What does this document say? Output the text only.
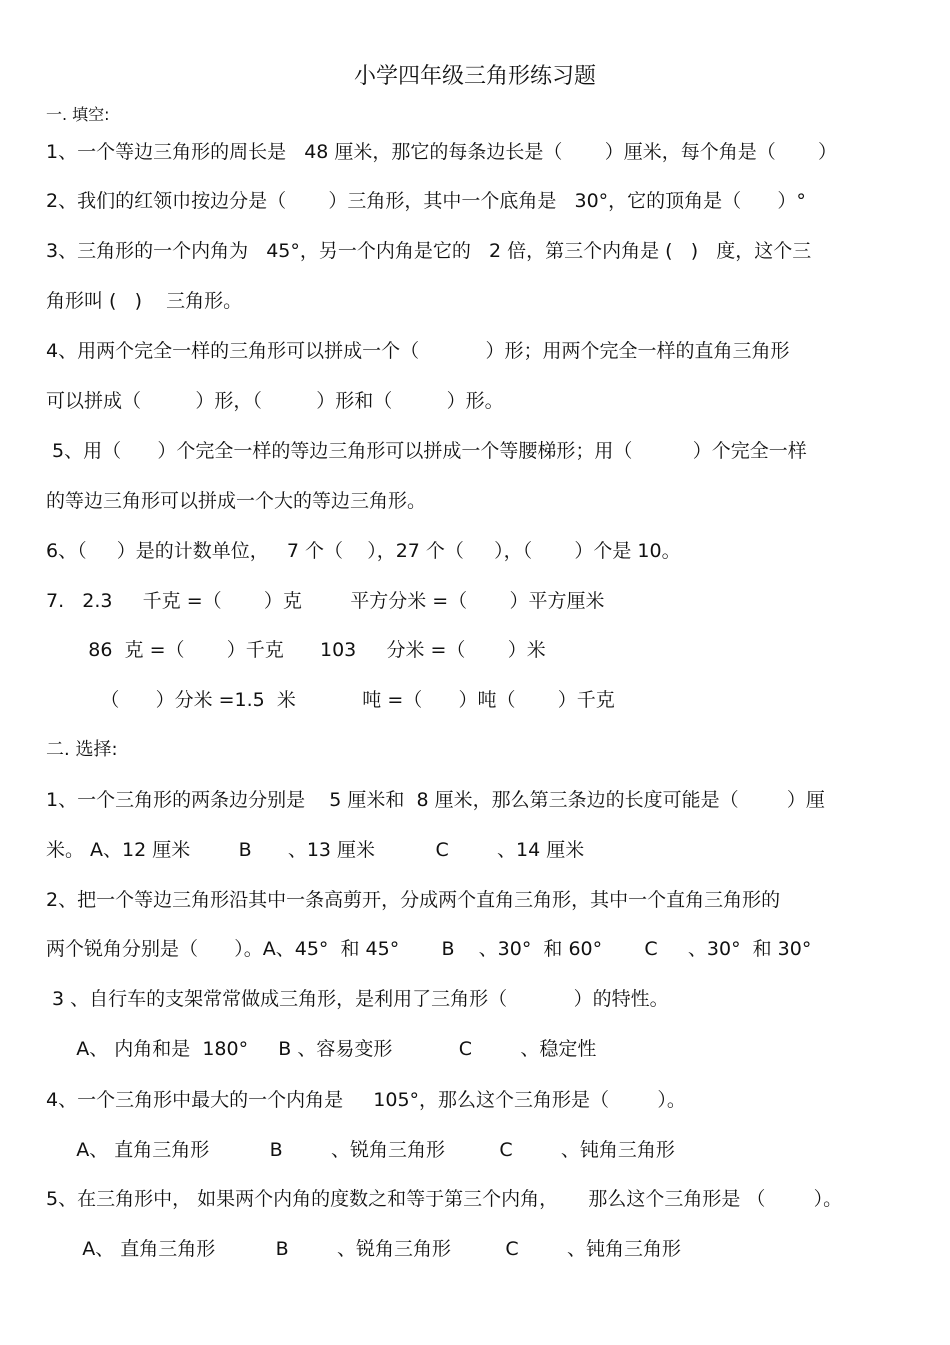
小学四年级三角形练习题
一. 填空:
1、一个等边三角形的周长是   48 厘米，那它的每条边长是（       ）厘米，每个角是（       ）
2、我们的红领巾按边分是（       ）三角形，其中一个底角是   30°，它的顶角是（      ）°
3、三角形的一个内角为   45°，另一个内角是它的   2 倍，第三个内角是 (   )   度，这个三
角形叫 (   )    三角形。
4、用两个完全一样的三角形可以拼成一个（           ）形；用两个完全一样的直角三角形
可以拼成（         ）形，（         ）形和（         ）形。
5、用（      ）个完全一样的等边三角形可以拼成一个等腰梯形；用（          ）个完全一样
的等边三角形可以拼成一个大的等边三角形。
6、（     ）是的计数单位，   7 个（    ），27 个（     ），（       ）个是 10。
7.   2.3     千克 =（       ）克        平方分米 =（       ）平方厘米
86  克 =（       ）千克      103     分米 =（       ）米
（      ）分米 =1.5  米           吨 =（      ）吨（       ）千克
二. 选择:
1、一个三角形的两条边分别是    5 厘米和  8 厘米，那么第三条边的长度可能是（        ）厘
米。 A、12 厘米        B      、13 厘米          C        、14 厘米
2、把一个等边三角形沿其中一条高剪开，分成两个直角三角形，其中一个直角三角形的
两个锐角分别是（      ）。A、45°  和 45°       B    、30°  和 60°       C     、30°  和 30°
3 、自行车的支架常常做成三角形，是利用了三角形（           ）的特性。
A、 内角和是  180°     B 、容易变形           C        、稳定性
4、一个三角形中最大的一个内角是     105°，那么这个三角形是（        ）。
A、 直角三角形          B        、锐角三角形         C        、钝角三角形
5、在三角形中， 如果两个内角的度数之和等于第三个内角，     那么这个三角形是 （        ）。
A、 直角三角形          B        、锐角三角形         C        、钝角三角形
